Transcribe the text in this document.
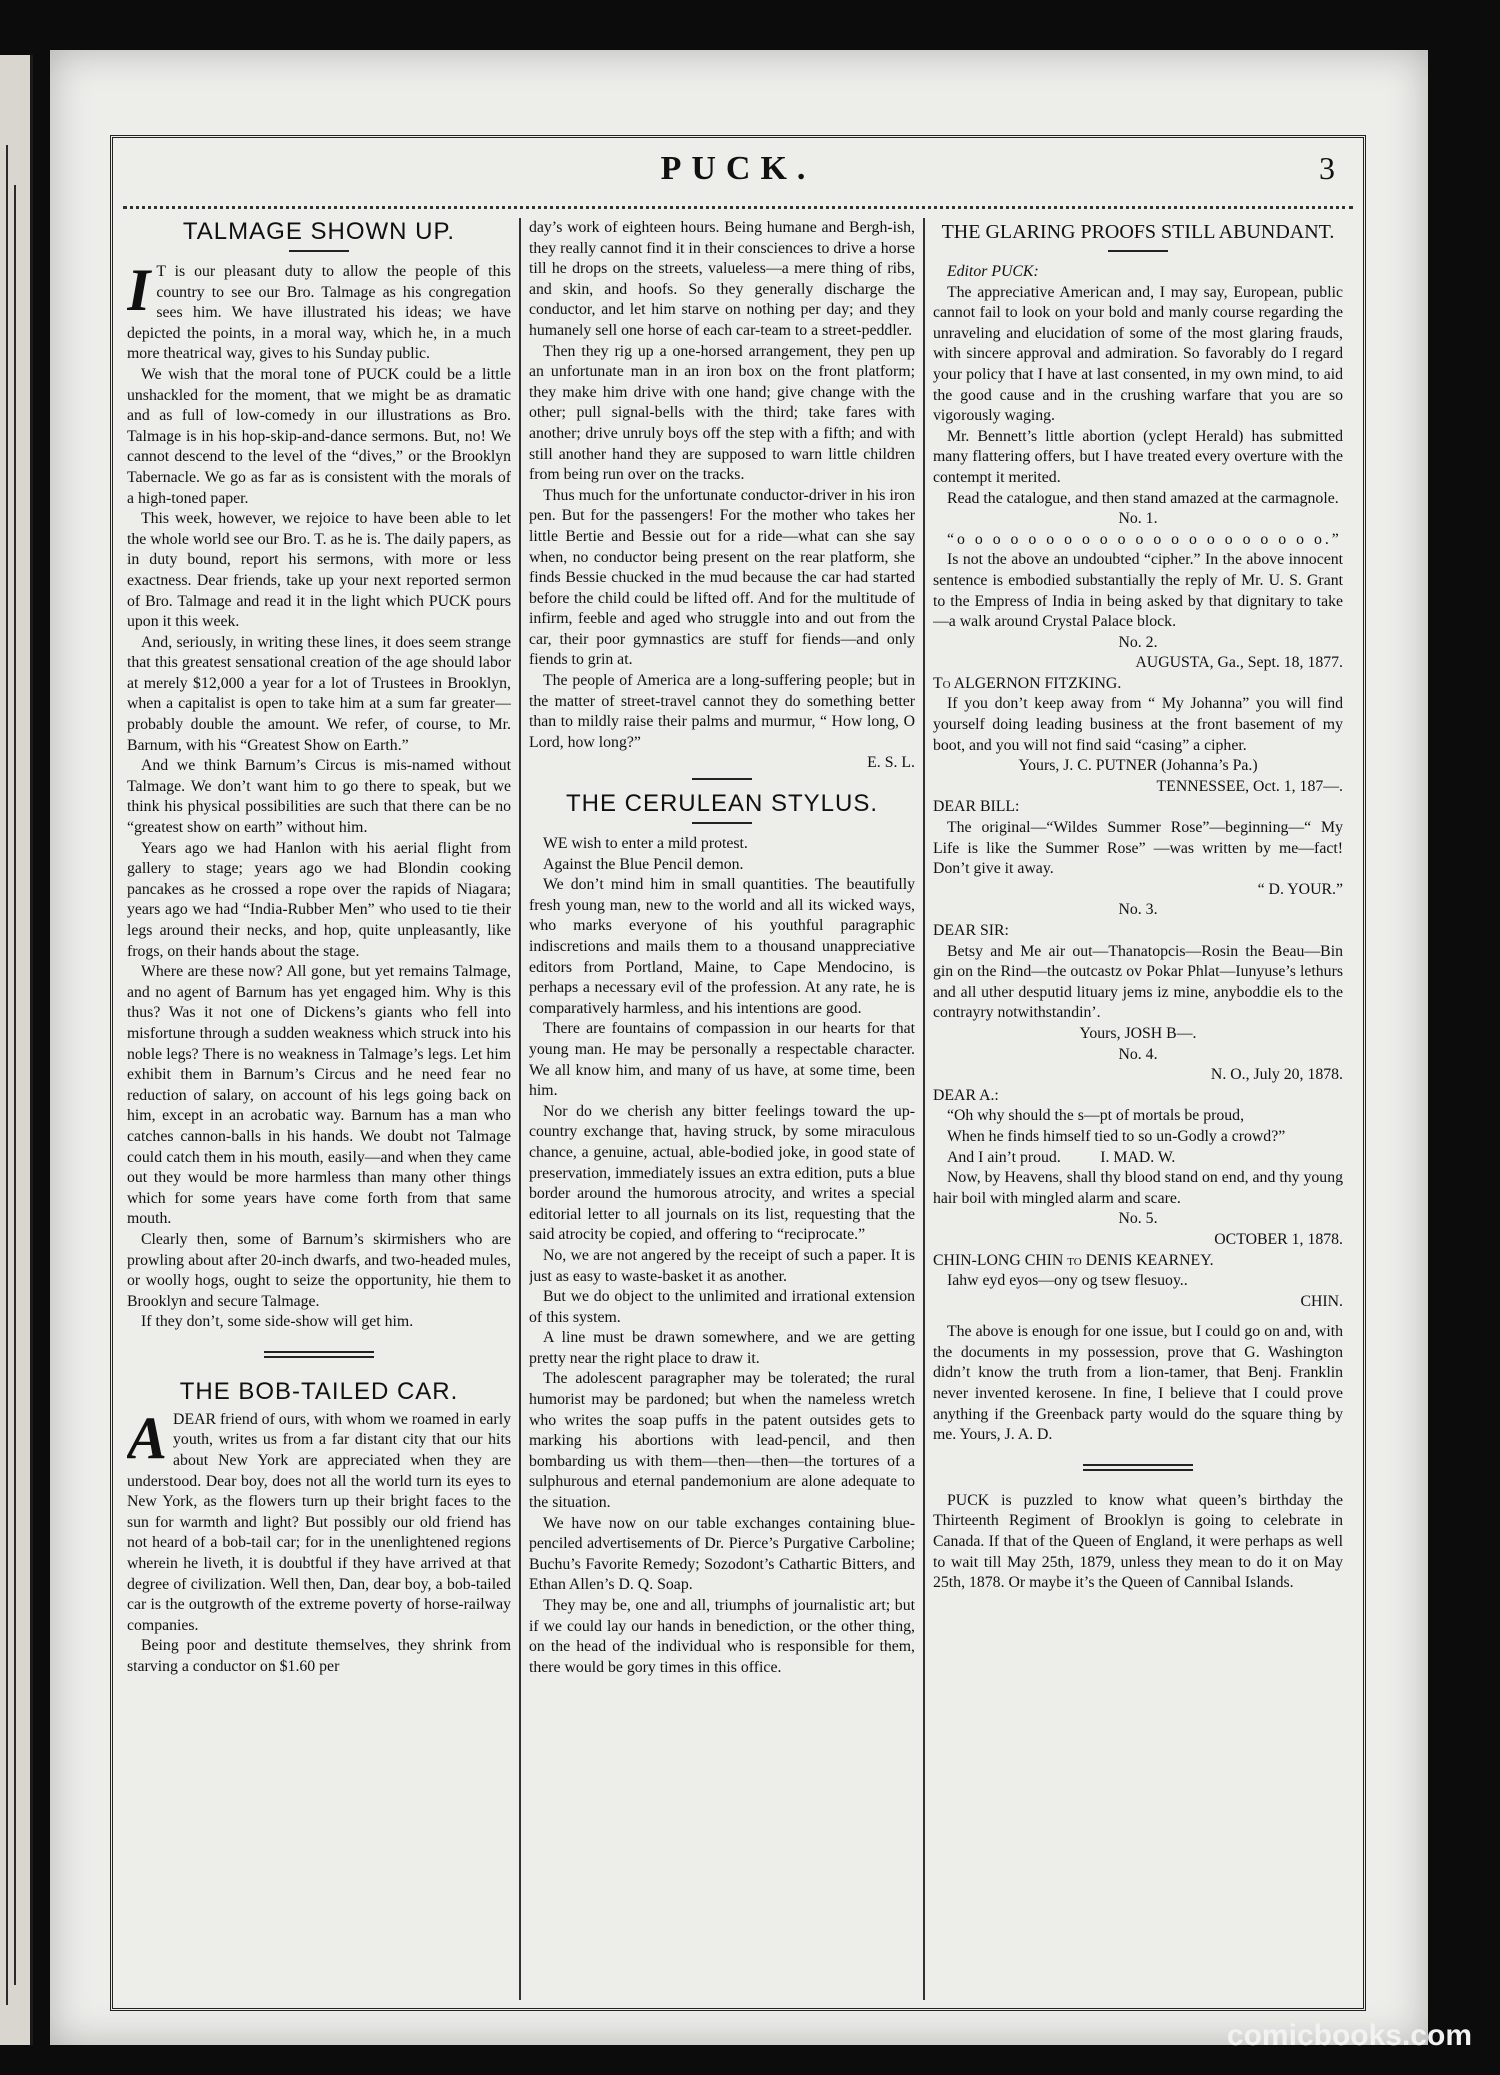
PUCK.	3
TALMAGE SHOWN UP.

I T is our pleasant duty to allow the people of this country to see our Bro. Talmage as his congregation sees him. We have illustrated his ideas; we have depicted the points, in a moral way, which he, in a much more theatrical way, gives to his Sunday public.

We wish that the moral tone of PUCK could be a little unshackled for the moment, that we might be as dramatic and as full of low-comedy in our illustrations as Bro. Talmage is in his hop-skip-and-dance sermons. But, no! We cannot descend to the level of the “dives,” or the Brooklyn Tabernacle. We go as far as is consistent with the morals of a high-toned paper.

This week, however, we rejoice to have been able to let the whole world see our Bro. T. as he is. The daily papers, as in duty bound, report his sermons, with more or less exactness. Dear friends, take up your next reported sermon of Bro. Talmage and read it in the light which PUCK pours upon it this week.

And, seriously, in writing these lines, it does seem strange that this greatest sensational creation of the age should labor at merely $12,000 a year for a lot of Trustees in Brooklyn, when a capitalist is open to take him at a sum far greater—probably double the amount. We refer, of course, to Mr. Barnum, with his “Greatest Show on Earth.”

And we think Barnum’s Circus is mis-named without Talmage. We don’t want him to go there to speak, but we think his physical possibilities are such that there can be no “greatest show on earth” without him.

Years ago we had Hanlon with his aerial flight from gallery to stage; years ago we had Blondin cooking pancakes as he crossed a rope over the rapids of Niagara; years ago we had “India-Rubber Men” who used to tie their legs around their necks, and hop, quite unpleasantly, like frogs, on their hands about the stage.

Where are these now? All gone, but yet remains Talmage, and no agent of Barnum has yet engaged him. Why is this thus? Was it not one of Dickens’s giants who fell into misfortune through a sudden weakness which struck into his noble legs? There is no weakness in Talmage’s legs. Let him exhibit them in Barnum’s Circus and he need fear no reduction of salary, on account of his legs going back on him, except in an acrobatic way. Barnum has a man who catches cannon-balls in his hands. We doubt not Talmage could catch them in his mouth, easily—and when they came out they would be more harmless than many other things which for some years have come forth from that same mouth.

Clearly then, some of Barnum’s skirmishers who are prowling about after 20-inch dwarfs, and two-headed mules, or woolly hogs, ought to seize the opportunity, hie them to Brooklyn and secure Talmage.

If they don’t, some side-show will get him.

THE BOB-TAILED CAR.

ADEAR friend of ours, with whom we roamed in early youth, writes us from a far distant city that our hits about New York are appreciated when they are understood. Dear boy, does not all the world turn its eyes to New York, as the flowers turn up their bright faces to the sun for warmth and light? But possibly our old friend has not heard of a bob-tail car; for in the unenlightened regions wherein he liveth, it is doubtful if they have arrived at that degree of civilization. Well then, Dan, dear boy, a bob-tailed car is the outgrowth of the extreme poverty of horse-railway companies.

Being poor and destitute themselves, they shrink from starving a conductor on $1.60 per

day’s work of eighteen hours. Being humane and Bergh-ish, they really cannot find it in their consciences to drive a horse till he drops on the streets, valueless—a mere thing of ribs, and skin, and hoofs. So they generally discharge the conductor, and let him starve on nothing per day; and they humanely sell one horse of each car-team to a street-peddler.

Then they rig up a one-horsed arrangement, they pen up an unfortunate man in an iron box on the front platform; they make him drive with one hand; give change with the other; pull signal-bells with the third; take fares with another; drive unruly boys off the step with a fifth; and with still another hand they are supposed to warn little children from being run over on the tracks.

Thus much for the unfortunate conductor-driver in his iron pen. But for the passengers! For the mother who takes her little Bertie and Bessie out for a ride—what can she say when, no conductor being present on the rear platform, she finds Bessie chucked in the mud because the car had started before the child could be lifted off. And for the multitude of infirm, feeble and aged who struggle into and out from the car, their poor gymnastics are stuff for fiends—and only fiends to grin at.

The people of America are a long-suffering people; but in the matter of street-travel cannot they do something better than to mildly raise their palms and murmur, “ How long, O Lord, how long?”

E. S. L.

THE CERULEAN STYLUS.

WE wish to enter a mild protest.

Against the Blue Pencil demon.

We don’t mind him in small quantities. The beautifully fresh young man, new to the world and all its wicked ways, who marks everyone of his youthful paragraphic indiscretions and mails them to a thousand unappreciative editors from Portland, Maine, to Cape Mendocino, is perhaps a necessary evil of the profession. At any rate, he is comparatively harmless, and his intentions are good.

There are fountains of compassion in our hearts for that young man. He may be personally a respectable character. We all know him, and many of us have, at some time, been him.

Nor do we cherish any bitter feelings toward the up-country exchange that, having struck, by some miraculous chance, a genuine, actual, able-bodied joke, in good state of preservation, immediately issues an extra edition, puts a blue border around the humorous atrocity, and writes a special editorial letter to all journals on its list, requesting that the said atrocity be copied, and offering to “reciprocate.”

No, we are not angered by the receipt of such a paper. It is just as easy to waste-basket it as another.

But we do object to the unlimited and irrational extension of this system.

A line must be drawn somewhere, and we are getting pretty near the right place to draw it.

The adolescent paragrapher may be tolerated; the rural humorist may be pardoned; but when the nameless wretch who writes the soap puffs in the patent outsides gets to marking his abortions with lead-pencil, and then bombarding us with them—then—then—the tortures of a sulphurous and eternal pandemonium are alone adequate to the situation.

We have now on our table exchanges containing blue-penciled advertisements of Dr. Pierce’s Purgative Carboline; Buchu’s Favorite Remedy; Sozodont’s Cathartic Bitters, and Ethan Allen’s D. Q. Soap.

They may be, one and all, triumphs of journalistic art; but if we could lay our hands in benediction, or the other thing, on the head of the individual who is responsible for them, there would be gory times in this office.

THE GLARING PROOFS STILL ABUNDANT.

Editor PUCK:

The appreciative American and, I may say, European, public cannot fail to look on your bold and manly course regarding the unraveling and elucidation of some of the most glaring frauds, with sincere approval and admiration. So favorably do I regard your policy that I have at last consented, in my own mind, to aid the good cause and in the crushing warfare that you are so vigorously waging.

Mr. Bennett’s little abortion (yclept Herald) has submitted many flattering offers, but I have treated every overture with the contempt it merited.

Read the catalogue, and then stand amazed at the carmagnole.

No. 1.

“o o o o o o o o o o o o o o o o o o o o o.”

Is not the above an undoubted “cipher.” In the above innocent sentence is embodied substantially the reply of Mr. U. S. Grant to the Empress of India in being asked by that dignitary to take—a walk around Crystal Palace block.

No. 2.

AUGUSTA, Ga., Sept. 18, 1877.

To ALGERNON FITZKING.

If you don’t keep away from “ My Johanna” you will find yourself doing leading business at the front basement of my boot, and you will not find said “casing” a cipher.

Yours, J. C. PUTNER (Johanna’s Pa.)

TENNESSEE, Oct. 1, 187—.

DEAR BILL:

The original—“Wildes Summer Rose”—beginning—“ My Life is like the Summer Rose” —was written by me—fact! Don’t give it away.

“ D. YOUR.”

No. 3.

DEAR SIR:

Betsy and Me air out—Thanatopcis—Rosin the Beau—Bin gin on the Rind—the outcastz ov Pokar Phlat—Iunyuse’s lethurs and all uther desputid lituary jems iz mine, anyboddie els to the contrayry notwithstandin’.

Yours, JOSH B—.

No. 4.

N. O., July 20, 1878.

DEAR A.:

“Oh why should the s—pt of mortals be proud,

When he finds himself tied to so un-Godly a crowd?”

And I ain’t proud.          I. MAD. W.

Now, by Heavens, shall thy blood stand on end, and thy young hair boil with mingled alarm and scare.

No. 5.

OCTOBER 1, 1878.

CHIN-LONG CHIN to DENIS KEARNEY.

Iahw eyd eyos—ony og tsew flesuoy..

CHIN.

The above is enough for one issue, but I could go on and, with the documents in my possession, prove that G. Washington didn’t know the truth from a lion-tamer, that Benj. Franklin never invented kerosene. In fine, I believe that I could prove anything if the Greenback party would do the square thing by me. Yours, J. A. D.

PUCK is puzzled to know what queen’s birthday the Thirteenth Regiment of Brooklyn is going to celebrate in Canada. If that of the Queen of England, it were perhaps as well to wait till May 25th, 1879, unless they mean to do it on May 25th, 1878. Or maybe it’s the Queen of Cannibal Islands.

comicbooks.com
